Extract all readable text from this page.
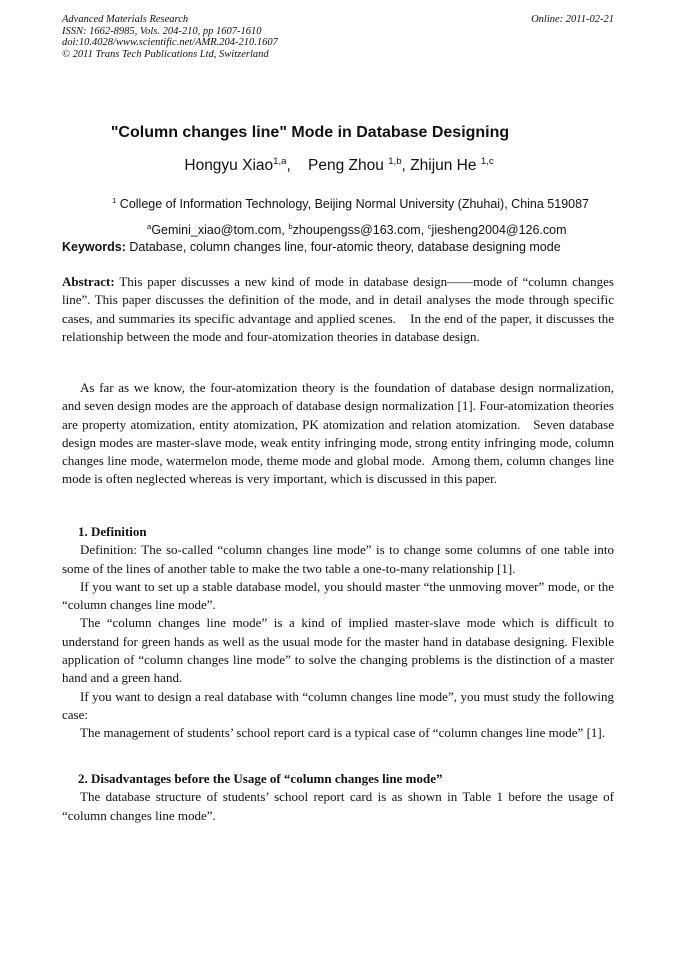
Advanced Materials Research
ISSN: 1662-8985, Vols. 204-210, pp 1607-1610
doi:10.4028/www.scientific.net/AMR.204-210.1607
© 2011 Trans Tech Publications Ltd, Switzerland
Online: 2011-02-21
"Column changes line" Mode in Database Designing
Hongyu Xiao$^{1,a}$,    Peng Zhou $^{1,b}$, Zhijun He $^{1,c}$
$^1$ College of Information Technology, Beijing Normal University (Zhuhai), China 519087
$^a$Gemini_xiao@tom.com, $^b$zhoupengss@163.com, $^c$jiesheng2004@126.com
Keywords: Database, column changes line, four-atomic theory, database designing mode

Abstract: This paper discusses a new kind of mode in database design——mode of “column changes line”. This paper discusses the definition of the mode, and in detail analyses the mode through specific cases, and summaries its specific advantage and applied scenes.    In the end of the paper, it discusses the relationship between the mode and four-atomization theories in database design.

As far as we know, the four-atomization theory is the foundation of database design normalization, and seven design modes are the approach of database design normalization [1]. Four-atomization theories are property atomization, entity atomization, PK atomization and relation atomization.   Seven database design modes are master-slave mode, weak entity infringing mode, strong entity infringing mode, column changes line mode, watermelon mode, theme mode and global mode.  Among them, column changes line mode is often neglected whereas is very important, which is discussed in this paper.

1. Definition

Definition: The so-called “column changes line mode” is to change some columns of one table into some of the lines of another table to make the two table a one-to-many relationship [1].

If you want to set up a stable database model, you should master “the unmoving mover” mode, or the “column changes line mode”.

The “column changes line mode” is a kind of implied master-slave mode which is difficult to understand for green hands as well as the usual mode for the master hand in database designing. Flexible application of “column changes line mode” to solve the changing problems is the distinction of a master hand and a green hand.

If you want to design a real database with “column changes line mode”, you must study the following case:

The management of students’ school report card is a typical case of “column changes line mode” [1].

2. Disadvantages before the Usage of “column changes line mode”

The database structure of students’ school report card is as shown in Table 1 before the usage of “column changes line mode”.
